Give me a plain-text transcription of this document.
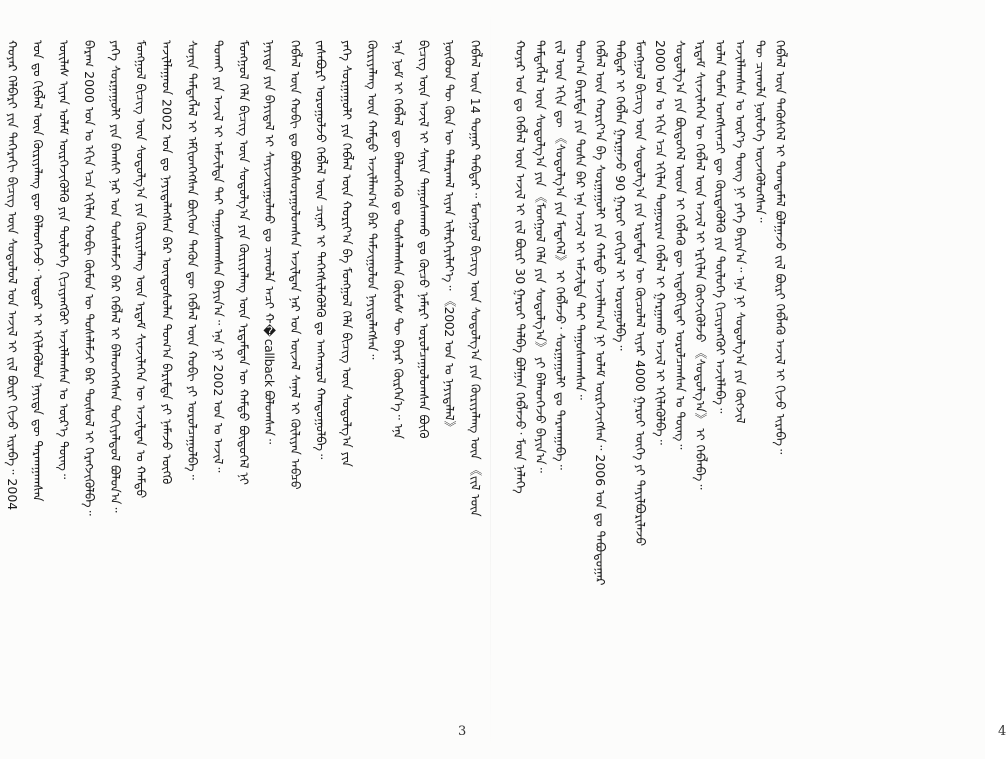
ᠬᠣᠶᠠᠷ ᠬᠡᠯᠪᠡᠷᠢ ᠶᠢᠨ ᠳᠡᠭᠡᠷᠡᠬᠢ ᠪᠢᠴᠢᠭ᠌ ᠦᠨ ᠰᠤᠳᠤᠯᠤᠯ ᠤᠨ ᠠᠵᠢᠯ ᠢ ᠵᠢᠯ ᠪᠦᠷᠢ ᠬᠢᠵᠦ ᠢᠷᠡᠪᠡ᠃ 2004 ᠣᠨ ᠳᠤ ᠬᠢᠪᠯᠡᠯ ᠦᠨ ᠬᠦᠷᠢᠶᠡᠯᠡᠩ ᠳᠦ ᠪᠡᠯᠡᠳᠬᠡᠵᠦ᠂ ᠤᠳᠤᠷ ᠢ ᠡᠬᠢᠯᠡᠭᠦᠯᠦᠨ ᠨᠡᠶᠢᠲᠡ ᠳᠦ ᠲᠠᠷᠬᠠᠭᠠᠭᠰᠠᠨ ᠦᠢᠯᠡᠰ ᠢᠶᠡᠨ ᠤᠯᠠᠮ ᠥᠷᠭᠡᠵᠢᠭᠦᠯᠬᠦ ᠶᠢᠨ ᠲᠥᠯᠦᠭᠡ ᠬᠢᠴᠢᠶᠡᠩᠭᠦᠢ ᠠᠵᠢᠯᠯᠠᠭᠰᠠᠨ ᠤ ᠦᠷ᠎ᠡ ᠳᠦᠩ᠃ ᠪᠠᠷᠠᠭ 2000 ᠣᠨ ᠤ ᠡᠬᠢᠨ ᠡᠴᠡ ᠡᠬᠢᠯᠡᠨ ᠬᠤᠪᠢ ᠬᠦᠮᠦᠨ ᠦ ᠲᠤᠰᠠᠯᠠᠮᠵᠢ ᠪᠡᠷ ᠲᠥᠰᠦᠯ ᠢ ᠬᠡᠷᠡᠭᠵᠢᠭᠦᠯᠪᠡ᠃ ᠶᠡᠬᠡ ᠰᠤᠷᠭᠠᠭᠤᠯᠢ ᠶᠢᠨ ᠪᠠᠭᠰᠢ ᠨᠠᠷ ᠤᠨ ᠲᠤᠰᠠᠯᠠᠮᠵᠢ ᠪᠡᠷ ᠬᠡᠪᠯᠡᠯ ᠢ ᠪᠡᠯᠡᠳᠬᠡᠭᠰᠡᠨ ᠲᠣᠬᠢᠶᠠᠯᠳᠤᠯ ᠪᠣᠯᠣᠨ᠎ᠠ᠃ ᠮᠣᠩᠭᠣᠯ ᠪᠢᠴᠢᠭ᠌ ᠦᠨ ᠰᠤᠳᠤᠯᠭ᠎ᠠ ᠶᠢᠨ ᠬᠦᠷᠢᠶᠡᠯᠡᠩ ᠦᠨ ᠡᠷᠳᠡᠮ ᠰᠢᠨᠵᠢᠯᠡᠭᠡᠨ ᠦ ᠠᠵᠢᠯᠲᠠᠨ ᠤ ᠬᠠᠮᠲᠤ ᠠᠵᠢᠯᠯᠠᠭᠠᠳ 2002 ᠣᠨ ᠳᠤ ᠨᠡᠶᠢᠲᠡᠯᠡᠭᠰᠡᠨ ᠪᠡᠷ ᠦᠨᠳᠦᠰᠦᠯᠡᠨ ᠲᠣᠭ᠎ᠠ ᠪᠠᠷᠢᠮᠲᠠ ᠶᠢ ᠨᠡᠮᠡᠵᠦ ᠥᠭᠬᠦ ᠰᠣᠨᠢᠨ ᠲᠡᠮᠳᠡᠭᠯᠡᠯ ᠢ ᠡᠮᠬᠢᠳᠬᠡᠭᠰᠡᠨ ᠪᠥᠭᠡᠳ ᠲᠡᠭᠦᠨ ᠳᠦ ᠬᠡᠪᠯᠡᠯ ᠦᠨ ᠬᠤᠪᠢ ᠶᠢ ᠣᠷᠤᠯᠴᠠᠭᠤᠯᠪᠠ᠃ ᠲᠤᠬᠠᠢ ᠶᠢᠨ ᠠᠵᠢᠯ ᠢ ᠠᠮᠵᠢᠯᠲᠠ ᠲᠠᠶ ᠳᠠᠭᠤᠰᠬᠠᠭᠰᠠᠨ ᠪᠠᠶᠢᠨ᠎ᠠ᠃ ᠡᠨᠡ ᠨᠢ 2002 ᠣᠨ ᠤ ᠠᠵᠢᠯ᠃ ᠮᠣᠩᠭᠣᠯ ᠬᠡᠯᠡ ᠪᠢᠴᠢᠭ᠌ ᠦᠨ ᠰᠤᠳᠤᠯᠭ᠎ᠠ ᠶᠢᠨ ᠬᠦᠷᠢᠶᠡᠯᠡᠩ ᠦᠨ ᠡᠷᠳᠡᠮᠲᠡᠨ ᠦ ᠬᠠᠮᠲᠤ ᠪᠦᠲᠦᠭᠡᠯ ᠨᠢ ᠨᠡᠶᠢᠲᠡ ᠶᠢᠨ ᠪᠠᠶᠢᠳᠠᠯ ᠢ ᠰᠠᠶᠢᠵᠢᠷᠠᠭᠤᠯᠬᠤ ᠳᠤ ᠴᠢᠬᠤᠯᠠ ᠠᠴᠢ ᠬ�callback ᠪᠣᠯᠤᠭᠰᠠᠨ᠃ ᠬᠡᠪᠯᠡᠯ ᠦᠨ ᠬᠤᠪᠢ ᠳᠤ ᠪᠣᠯᠪᠠᠰᠤᠷᠠᠭᠤᠯᠤᠭᠰᠠᠨ ᠠᠵᠢᠯᠲᠠᠨ ᠨᠠᠷ ᠤᠨ ᠦᠵᠡᠯ ᠰᠠᠨᠠᠯ ᠢ ᠬᠦᠯᠢᠶᠡᠨ ᠠᠪᠴᠤ ᠵᠠᠰᠠᠪᠤᠷᠢ ᠣᠷᠤᠭᠤᠯᠵᠤ ᠬᠡᠪᠯᠡᠯ ᠦᠨ ᠴᠢᠨᠠᠷ ᠢ ᠳᠡᠭᠡᠭᠰᠢᠯᠡᠭᠦᠯᠬᠦ ᠳᠤ ᠠᠩᠬᠠᠷᠤᠯ ᠬᠠᠨᠳᠤᠭᠤᠯᠪᠠ᠃ ᠶᠡᠬᠡ ᠰᠤᠷᠭᠠᠭᠤᠯᠢ ᠶᠢᠨ ᠬᠡᠪᠯᠡᠯ ᠦᠨ ᠬᠣᠷᠢᠶ᠎ᠠ ᠪᠠ ᠮᠣᠩᠭᠣᠯ ᠬᠡᠯᠡ ᠪᠢᠴᠢᠭ᠌ ᠦᠨ ᠰᠤᠳᠤᠯᠭ᠎ᠠ ᠶᠢᠨ ᠬᠦᠷᠢᠶᠡᠯᠡᠩ ᠦᠨ ᠬᠠᠮᠲᠤ ᠠᠵᠢᠯᠯᠠᠭ᠎ᠠ ᠪᠡᠷ ᠳᠠᠮᠵᠢᠭᠤᠯᠤᠨ ᠨᠡᠶᠢᠲᠡᠯᠡᠭᠰᠡᠨ᠃ ᠡᠨᠡ ᠨᠣᠮ ᠢ ᠬᠡᠪᠯᠡᠯ ᠳᠦ ᠪᠡᠯᠡᠳᠬᠡᠬᠦ ᠳᠤ ᠲᠤᠰᠠᠯᠠᠭᠰᠠᠨ ᠬᠦᠮᠦᠰ ᠲᠦ ᠪᠠᠶᠠᠷ ᠬᠦᠷᠭᠡᠨ᠎ᠡ᠃ ᠡᠨᠡ ᠪᠢᠴᠢᠭ᠌ ᠦᠨ ᠠᠵᠢᠯ ᠢ ᠰᠠᠶᠢᠨ ᠳᠠᠭᠤᠰᠬᠠᠬᠤ ᠳᠤ ᠬᠦᠴᠦ ᠨᠡᠮᠡᠷᠢ ᠣᠷᠤᠯᠴᠠᠭᠤᠯᠤᠭᠰᠠᠨ ᠪᠦᠬᠦ ᠨᠥᠬᠥᠳ ᠲᠦ ᠭᠦᠨ ᠦ ᠲᠠᠯᠠᠷᠬᠠᠯ ᠢᠶᠠᠨ ᠢᠯᠡᠷᠬᠡᠶᠢᠯᠡᠶ᠎ᠡ᠃ 《2002 ᠣᠨ ᠤ ᠨᠡᠶᠢᠲᠡᠯᠡᠯ》 ᠬᠡᠪᠯᠡᠯ ᠦᠨ 14 ᠳᠤᠭᠠᠷ ᠳᠡᠪᠲᠡᠷ᠃ ᠮᠣᠩᠭᠣᠯ ᠪᠢᠴᠢᠭ᠌ ᠦᠨ ᠰᠤᠳᠤᠯᠭ᠎ᠠ ᠶᠢᠨ ᠬᠦᠷᠢᠶᠡᠯᠡᠩ ᠦᠨ 《ᠵᠢᠯ ᠦᠨ
3
ᠬᠣᠶᠠᠷ ᠣᠨ ᠳᠤ ᠬᠡᠪᠯᠡᠯ ᠦᠨ ᠠᠵᠢᠯ ᠢ ᠵᠢᠯ ᠪᠦᠷᠢ 30 ᠭᠠᠷᠤᠢ ᠳᠠᠯᠪᠠ ᠪᠣᠯᠭᠠᠨ ᠬᠡᠪᠯᠡᠵᠦ᠂ ᠮᠥᠨ ᠨᠡᠯᠡᠭᠡ ᠲᠡᠮᠳᠡᠭᠯᠡᠯ ᠦᠨ ᠰᠤᠳᠤᠯᠭ᠎ᠠ ᠶᠢᠨ 《ᠮᠣᠩᠭᠣᠯ ᠬᠡᠯᠡ ᠶᠢᠨ ᠰᠤᠳᠤᠯᠭ᠎ᠠ》 ᠶᠢ ᠪᠡᠯᠡᠳᠬᠡᠵᠦ ᠪᠠᠶᠢᠨ᠎ᠠ᠃ ᠵᠢᠯ ᠦᠨ ᠡᠬᠢᠨ ᠳᠦ 《ᠰᠤᠳᠤᠯᠭ᠎ᠠ ᠶᠢᠨ ᠮᠡᠳᠡᠭᠡᠯ》 ᠢ ᠬᠡᠪᠯᠡᠵᠦ᠂ ᠰᠤᠷᠭᠠᠭᠤᠯᠢ ᠳᠤ ᠲᠠᠷᠬᠠᠭᠠᠪᠠ᠃ ᠲᠣᠭ᠎ᠠ ᠪᠠᠷᠢᠮᠲᠠ ᠶᠢᠨ ᠲᠤᠰᠠ ᠪᠡᠷ ᠡᠨᠡ ᠠᠵᠢᠯ ᠢ ᠠᠮᠵᠢᠯᠲᠠ ᠲᠠᠶ ᠳᠠᠭᠤᠰᠬᠠᠭᠰᠠᠨ᠃ ᠬᠡᠪᠯᠡᠯ ᠦᠨ ᠬᠣᠷᠢᠶ᠎ᠠ ᠪᠠ ᠰᠤᠷᠭᠠᠭᠤᠯᠢ ᠶᠢᠨ ᠬᠠᠮᠲᠤ ᠠᠵᠢᠯᠯᠠᠭ᠎ᠠ ᠨᠢ ᠤᠯᠠᠮ ᠥᠷᠭᠡᠵᠢᠭᠰᠡᠨ᠃ 2006 ᠣᠨ ᠳᠤ ᠲᠠᠪᠤᠳᠤᠭᠠᠷ ᠳᠡᠪᠲᠡᠷ ᠢ ᠬᠡᠪᠯᠡᠨ ᠭᠠᠷᠭᠠᠵᠤ 90 ᠭᠠᠷᠤᠢ ᠵᠣᠬᠢᠶᠠᠯ ᠢ ᠣᠷᠤᠭᠤᠯᠪᠠ᠃ ᠮᠣᠩᠭᠣᠯ ᠪᠢᠴᠢᠭ᠌ ᠦᠨ ᠰᠤᠳᠤᠯᠭ᠎ᠠ ᠶᠢᠨ ᠡᠷᠳᠡᠮᠲᠡᠨ ᠦ ᠬᠦᠴᠦᠯᠡᠯ ᠢᠶᠡᠷ 4000 ᠭᠠᠷᠤᠢ ᠦᠭᠡ ᠶᠢ ᠲᠠᠶᠢᠯᠪᠤᠷᠢᠯᠠᠵᠤ 2000 ᠣᠨ ᠤ ᠡᠬᠢᠨ ᠡᠴᠡ ᠡᠬᠢᠯᠡᠨ ᠲᠤᠭᠤᠷᠢᠭ ᠬᠡᠪᠯᠡᠯ ᠢ ᠭᠠᠷᠭᠠᠬᠤ ᠠᠵᠢᠯ ᠢ ᠡᠬᠢᠯᠡᠭᠦᠯᠪᠡ᠃ ᠰᠤᠳᠤᠯᠭ᠎ᠠ ᠶᠢᠨ ᠪᠦᠲᠦᠭᠡᠯ ᠦᠳ ᠢ ᠬᠡᠪᠯᠡᠬᠦ ᠳᠦ ᠢᠳᠡᠪᠬᠢᠲᠡᠶ ᠣᠷᠤᠯᠴᠠᠭᠰᠠᠨ ᠤ ᠳᠦᠩ᠃ ᠡᠷᠳᠡᠮ ᠰᠢᠨᠵᠢᠯᠡᠭᠡᠨ ᠦ ᠬᠡᠪᠯᠡᠯ ᠦᠨ ᠠᠵᠢᠯ ᠢ ᠡᠷᠬᠢᠯᠡᠨ ᠬᠦᠭᠵᠢᠭᠦᠯᠵᠦ 《ᠰᠤᠳᠤᠯᠭ᠎ᠠ》 ᠢ ᠬᠡᠪᠯᠡᠪᠡ᠃ ᠣᠯᠠᠨ ᠲᠤᠮᠡᠨ ᠤᠩᠰᠢᠭᠴᠢ ᠳᠦ ᠬᠦᠷᠳᠡᠭᠦᠯᠬᠦ ᠶᠢᠨ ᠲᠥᠯᠦᠭᠡ ᠬᠢᠴᠢᠶᠡᠩᠭᠦᠢ ᠠᠵᠢᠯᠯᠠᠪᠠ᠃ ᠠᠵᠢᠯᠯᠠᠭᠰᠠᠨ ᠤ ᠦᠷ᠎ᠡ ᠳᠦᠩ ᠨᠢ ᠶᠡᠬᠡ ᠪᠠᠶᠢᠨ᠎ᠠ᠃ ᠡᠨᠡ ᠨᠢ ᠰᠤᠳᠤᠯᠭ᠎ᠠ ᠶᠢᠨ ᠬᠥᠭᠵᠢᠯ ᠲᠦ ᠴᠢᠬᠤᠯᠠ ᠨᠥᠯᠦᠭᠡ ᠦᠵᠡᠭᠦᠯᠦᠭᠰᠡᠨ᠃ ᠬᠡᠪᠯᠡᠯ ᠦᠨ ᠲᠡᠭᠦᠰᠬᠡᠯ ᠢ ᠲᠣᠭᠲᠠᠮᠠᠯ ᠪᠣᠯᠭᠠᠵᠤ ᠵᠢᠯ ᠪᠦᠷᠢ ᠬᠡᠪᠯᠡᠬᠦ ᠠᠵᠢᠯ ᠢ ᠬᠢᠵᠦ ᠢᠷᠡᠪᠡ᠃
4
